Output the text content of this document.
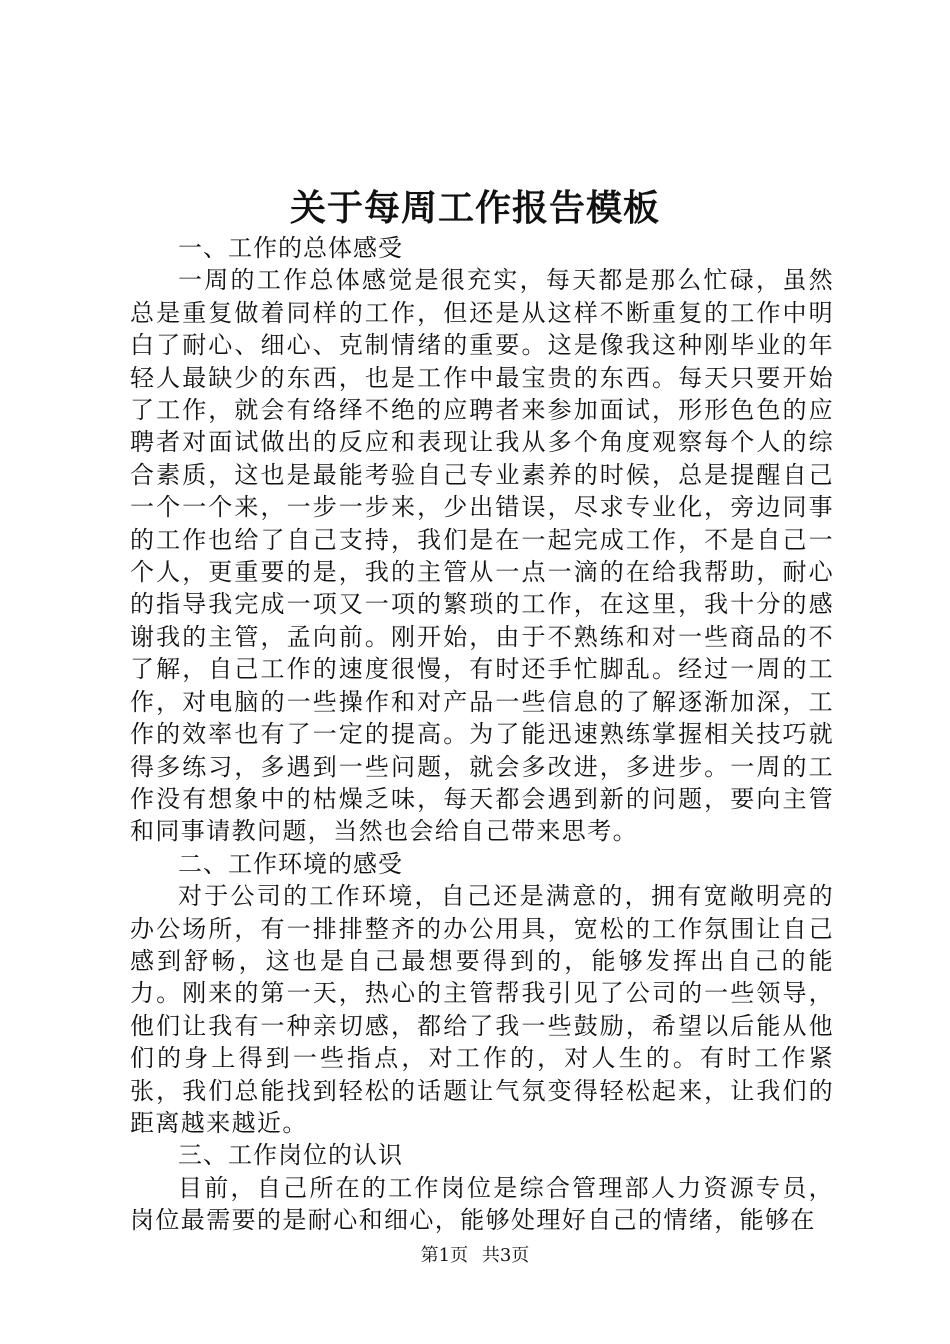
关于每周工作报告模板

一、工作的总体感受

一周的工作总体感觉是很充实，每天都是那么忙碌，虽然总是重复做着同样的工作，但还是从这样不断重复的工作中明白了耐心、细心、克制情绪的重要。这是像我这种刚毕业的年轻人最缺少的东西，也是工作中最宝贵的东西。每天只要开始了工作，就会有络绎不绝的应聘者来参加面试，形形色色的应聘者对面试做出的反应和表现让我从多个角度观察每个人的综合素质，这也是最能考验自己专业素养的时候，总是提醒自己一个一个来，一步一步来，少出错误，尽求专业化，旁边同事的工作也给了自己支持，我们是在一起完成工作，不是自己一个人，更重要的是，我的主管从一点一滴的在给我帮助，耐心的指导我完成一项又一项的繁琐的工作，在这里，我十分的感谢我的主管，孟向前。刚开始，由于不熟练和对一些商品的不了解，自己工作的速度很慢，有时还手忙脚乱。经过一周的工作，对电脑的一些操作和对产品一些信息的了解逐渐加深，工作的效率也有了一定的提高。为了能迅速熟练掌握相关技巧就得多练习，多遇到一些问题，就会多改进，多进步。一周的工作没有想象中的枯燥乏味，每天都会遇到新的问题，要向主管和同事请教问题，当然也会给自己带来思考。

二、工作环境的感受

对于公司的工作环境，自己还是满意的，拥有宽敞明亮的办公场所，有一排排整齐的办公用具，宽松的工作氛围让自己感到舒畅，这也是自己最想要得到的，能够发挥出自己的能力。刚来的第一天，热心的主管帮我引见了公司的一些领导，他们让我有一种亲切感，都给了我一些鼓励，希望以后能从他们的身上得到一些指点，对工作的，对人生的。有时工作紧张，我们总能找到轻松的话题让气氛变得轻松起来，让我们的距离越来越近。

三、工作岗位的认识

目前，自己所在的工作岗位是综合管理部人力资源专员，岗位最需要的是耐心和细心，能够处理好自己的情绪，能够在

第1页 共3页
